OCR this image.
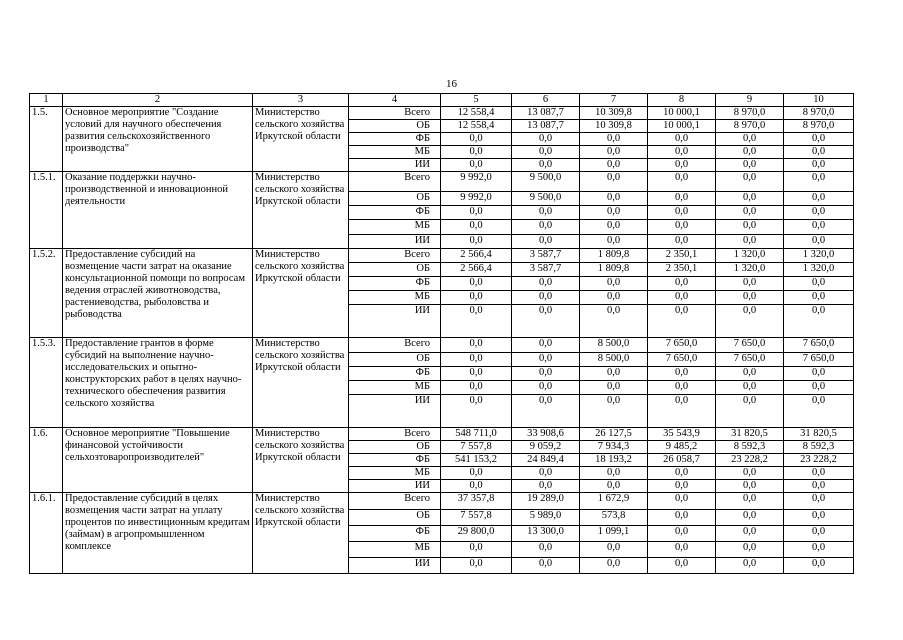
16
1	2	3	4	5	6	7	8	9	10
1.5.	Основное мероприятие "Создание условий для научного обеспечения развития сельскохозяйственного производства"	Министерство сельского хозяйства Иркутской области	Всего	12 558,4	13 087,7	10 309,8	10 000,1	8 970,0	8 970,0
			ОБ	12 558,4	13 087,7	10 309,8	10 000,1	8 970,0	8 970,0
			ФБ	0,0	0,0	0,0	0,0	0,0	0,0
			МБ	0,0	0,0	0,0	0,0	0,0	0,0
			ИИ	0,0	0,0	0,0	0,0	0,0	0,0
1.5.1.	Оказание поддержки научно-производственной и инновационной деятельности	Министерство сельского хозяйства Иркутской области	Всего	9 992,0	9 500,0	0,0	0,0	0,0	0,0
			ОБ	9 992,0	9 500,0	0,0	0,0	0,0	0,0
			ФБ	0,0	0,0	0,0	0,0	0,0	0,0
			МБ	0,0	0,0	0,0	0,0	0,0	0,0
			ИИ	0,0	0,0	0,0	0,0	0,0	0,0
1.5.2.	Предоставление субсидий на возмещение части затрат на оказание консультационной помощи по вопросам ведения отраслей животноводства, растениеводства, рыболовства и рыбоводства	Министерство сельского хозяйства Иркутской области	Всего	2 566,4	3 587,7	1 809,8	2 350,1	1 320,0	1 320,0
			ОБ	2 566,4	3 587,7	1 809,8	2 350,1	1 320,0	1 320,0
			ФБ	0,0	0,0	0,0	0,0	0,0	0,0
			МБ	0,0	0,0	0,0	0,0	0,0	0,0
			ИИ	0,0	0,0	0,0	0,0	0,0	0,0
1.5.3.	Предоставление грантов в форме субсидий на выполнение научно-исследовательских и опытно-конструкторских работ в целях научно-технического обеспечения развития сельского хозяйства	Министерство сельского хозяйства Иркутской области	Всего	0,0	0,0	8 500,0	7 650,0	7 650,0	7 650,0
			ОБ	0,0	0,0	8 500,0	7 650,0	7 650,0	7 650,0
			ФБ	0,0	0,0	0,0	0,0	0,0	0,0
			МБ	0,0	0,0	0,0	0,0	0,0	0,0
			ИИ	0,0	0,0	0,0	0,0	0,0	0,0
1.6.	Основное мероприятие "Повышение финансовой устойчивости сельхозтоваропроизводителей"	Министерство сельского хозяйства Иркутской области	Всего	548 711,0	33 908,6	26 127,5	35 543,9	31 820,5	31 820,5
			ОБ	7 557,8	9 059,2	7 934,3	9 485,2	8 592,3	8 592,3
			ФБ	541 153,2	24 849,4	18 193,2	26 058,7	23 228,2	23 228,2
			МБ	0,0	0,0	0,0	0,0	0,0	0,0
			ИИ	0,0	0,0	0,0	0,0	0,0	0,0
1.6.1.	Предоставление субсидий в целях возмещения части затрат на уплату процентов по инвестиционным кредитам (займам) в агропромышленном комплексе	Министерство сельского хозяйства Иркутской области	Всего	37 357,8	19 289,0	1 672,9	0,0	0,0	0,0
			ОБ	7 557,8	5 989,0	573,8	0,0	0,0	0,0
			ФБ	29 800,0	13 300,0	1 099,1	0,0	0,0	0,0
			МБ	0,0	0,0	0,0	0,0	0,0	0,0
			ИИ	0,0	0,0	0,0	0,0	0,0	0,0
